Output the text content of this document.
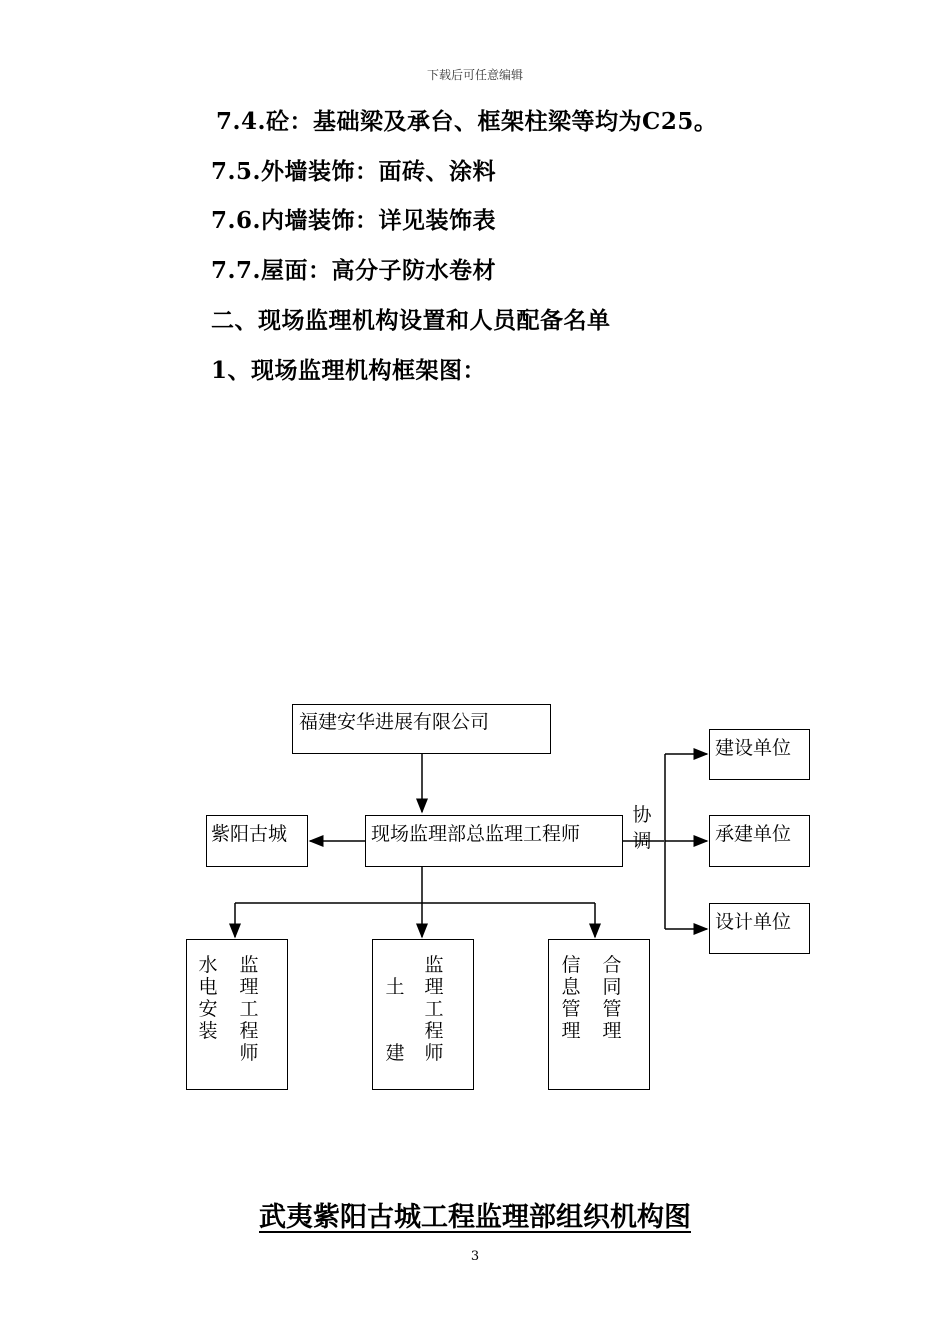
下载后可任意编辑
7.4.砼：基础梁及承台、框架柱梁等均为C25。
7.5.外墙装饰：面砖、涂料
7.6.内墙装饰：详见装饰表
7.7.屋面：高分子防水卷材
二、现场监理机构设置和人员配备名单
1、现场监理机构框架图：
福建安华进展有限公司
现场监理部总监理工程师
紫阳古城
协调
建设单位
承建单位
设计单位
水电安装
监理工程师
土建
监理工程师
信息管理
合同管理
武夷紫阳古城工程监理部组织机构图
3
